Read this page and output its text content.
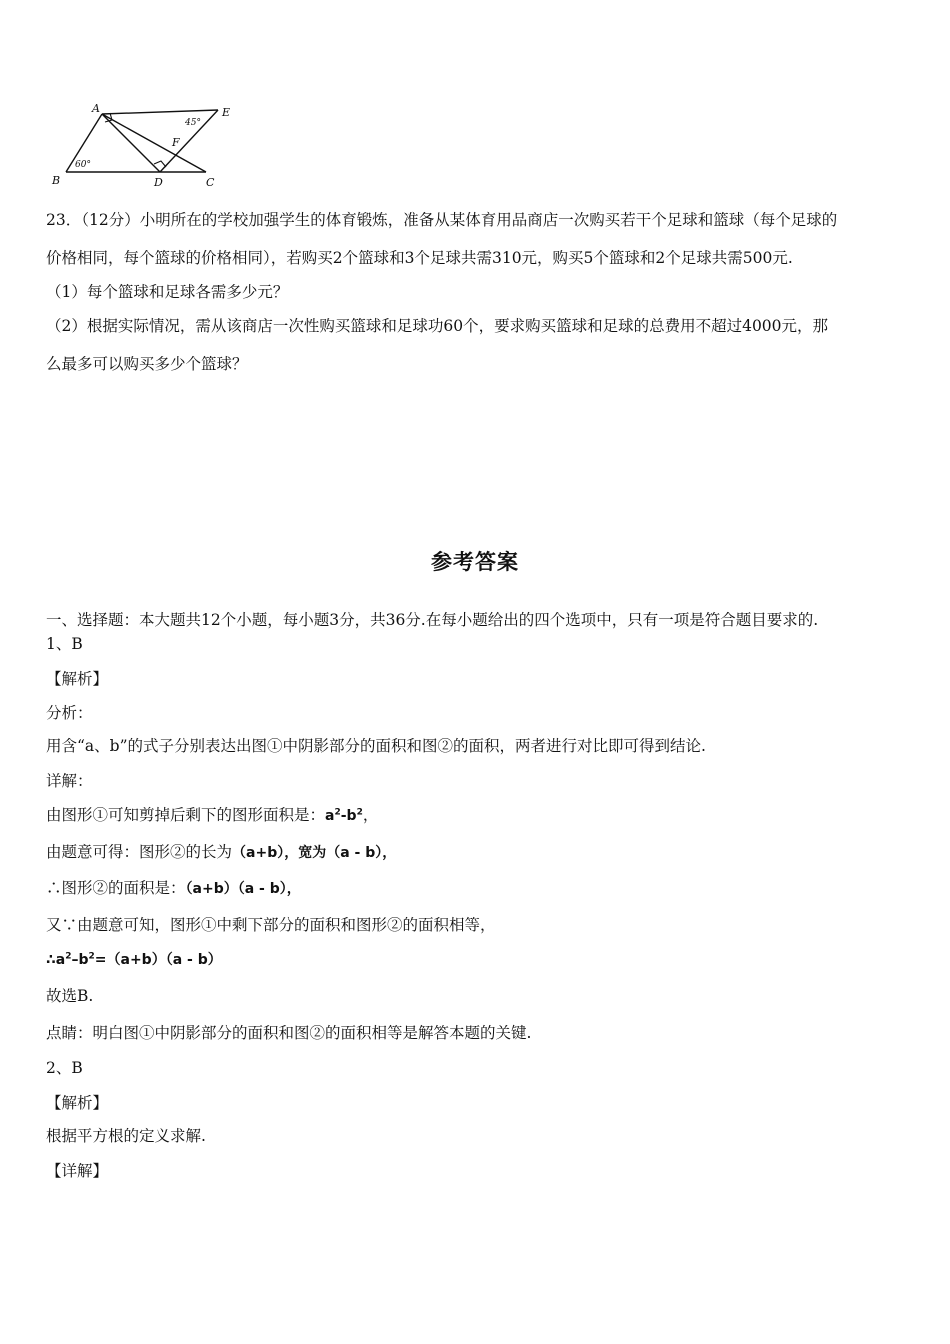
A	E
B	D	C
F
60°
45°
23．（12分）小明所在的学校加强学生的体育锻炼，准备从某体育用品商店一次购买若干个足球和篮球（每个足球的
价格相同，每个篮球的价格相同），若购买2个篮球和3个足球共需310元，购买5个篮球和2个足球共需500元.
（1）每个篮球和足球各需多少元？
（2）根据实际情况，需从该商店一次性购买篮球和足球功60个，要求购买篮球和足球的总费用不超过4000元，那
么最多可以购买多少个篮球？
参考答案
一、选择题：本大题共12个小题，每小题3分，共36分.在每小题给出的四个选项中，只有一项是符合题目要求的.
1、B
【解析】
分析：
用含“a、b”的式子分别表达出图①中阴影部分的面积和图②的面积，两者进行对比即可得到结论.
详解：
由图形①可知剪掉后剩下的图形面积是：$a^2-b^2$，
由题意可得：图形②的长为（a+b），宽为（a - b），
∴图形②的面积是：（a+b）（a - b），
又∵由题意可知，图形①中剩下部分的面积和图形②的面积相等，
$\therefore a^2-b^2=(a+b)(a - b)$
故选B.
点睛：明白图①中阴影部分的面积和图②的面积相等是解答本题的关键.
2、B
【解析】
根据平方根的定义求解.
【详解】
